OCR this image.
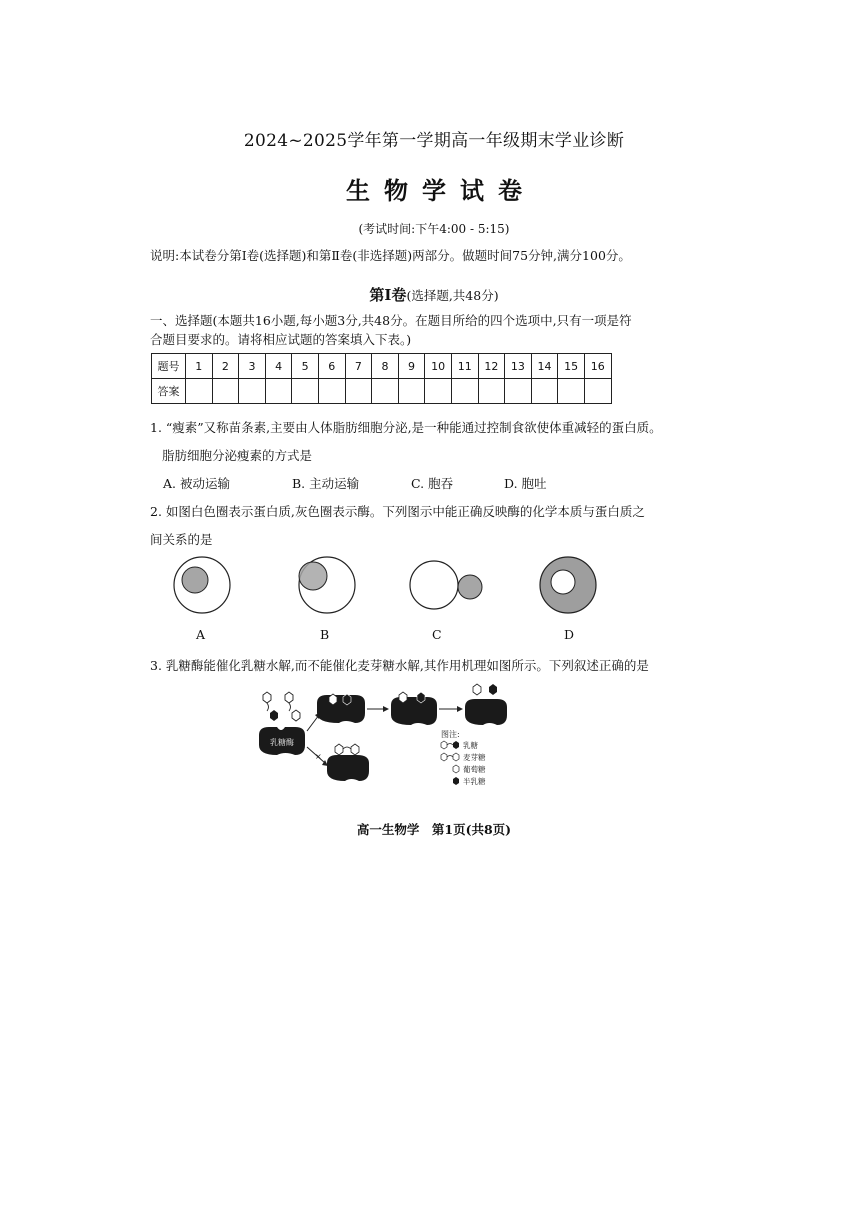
2024~2025学年第一学期高一年级期末学业诊断
生物学试卷
(考试时间:下午4:00 - 5:15)
说明:本试卷分第Ⅰ卷(选择题)和第Ⅱ卷(非选择题)两部分。做题时间75分钟,满分100分。
第Ⅰ卷(选择题,共48分)
一、选择题(本题共16小题,每小题3分,共48分。在题目所给的四个选项中,只有一项是符
合题目要求的。请将相应试题的答案填入下表。)
题号	1	2	3	4	5	6	7	8	9	10	11	12	13	14	15	16
答案																
1. “瘦素”又称苗条素,主要由人体脂肪细胞分泌,是一种能通过控制食欲使体重减轻的蛋白质。
脂肪细胞分泌瘦素的方式是
A. 被动运输	B. 主动运输	C. 胞吞	D. 胞吐
2. 如图白色圈表示蛋白质,灰色圈表示酶。下列图示中能正确反映酶的化学本质与蛋白质之
间关系的是
A	B	C	D
3. 乳糖酶能催化乳糖水解,而不能催化麦芽糖水解,其作用机理如图所示。下列叙述正确的是
乳糖酶
×
图注:
乳糖
麦芽糖
葡萄糖
半乳糖
高一生物学　第1页(共8页)
